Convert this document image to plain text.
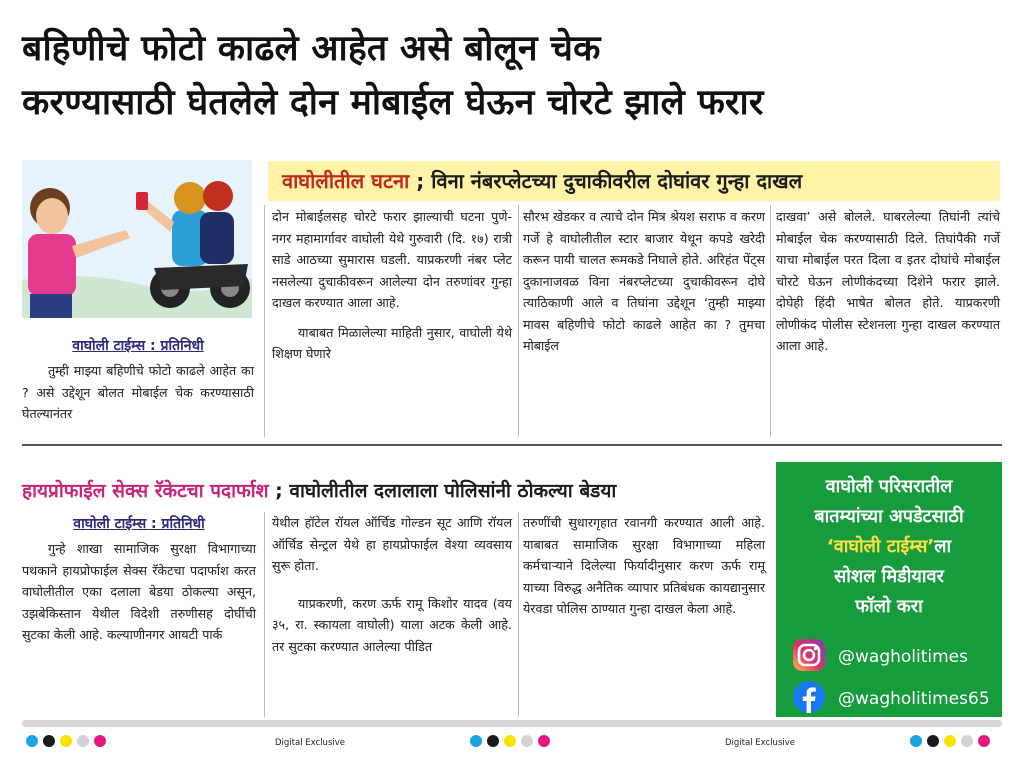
बहिणीचे फोटो काढले आहेत असे बोलून चेक
करण्यासाठी घेतलेले दोन मोबाईल घेऊन चोरटे झाले फरार
वाघोलीतील घटना ; विना नंबरप्लेटच्या दुचाकीवरील दोघांवर गुन्हा दाखल
वाघोली टाईम्स : प्रतिनिधी

तुम्ही माझ्या बहिणीचे फोटो काढले आहेत का ? असे उद्देशून बोलत मोबाईल चेक करण्यासाठी घेतल्यानंतर

दोन मोबाईलसह चोरटे फरार झाल्याची घटना पुणे-नगर महामार्गावर वाघोली येथे गुरुवारी (दि. १७) रात्री साडे आठच्या सुमारास घडली. याप्रकरणी नंबर प्लेट नसलेल्या दुचाकीवरून आलेल्या दोन तरुणांवर गुन्हा दाखल करण्यात आला आहे.

याबाबत मिळालेल्या माहिती नुसार, वाघोली येथे शिक्षण घेणारे

सौरभ खेडकर व त्याचे दोन मित्र श्रेयश सराफ व करण गर्जे हे वाघोलीतील स्टार बाजार येथून कपडे खरेदी करून पायी चालत रूमकडे निघाले होते. अरिहंत पेंट्स दुकानाजवळ विना नंबरप्लेटच्या दुचाकीवरून दोघे त्याठिकाणी आले व तिघांना उद्देशून ‘तुम्ही माझ्या मावस बहिणीचे फोटो काढले आहेत का ? तुमचा मोबाईल

दाखवा’ असे बोलले. घाबरलेल्या तिघांनी त्यांचे मोबाईल चेक करण्यासाठी दिले. तिघांपैकी गर्जे याचा मोबाईल परत दिला व इतर दोघांचे मोबाईल चोरटे घेऊन लोणीकंदच्या दिशेने फरार झाले. दोघेही हिंदी भाषेत बोलत होते. याप्रकरणी लोणीकंद पोलीस स्टेशनला गुन्हा दाखल करण्यात आला आहे.

हायप्रोफाईल सेक्स रॅकेटचा पदार्फाश ; वाघोलीतील दलालाला पोलिसांनी ठोकल्या बेडया
वाघोली टाईम्स : प्रतिनिधी

गुन्हे शाखा सामाजिक सुरक्षा विभागाच्या पथकाने हायप्रोफाईल सेक्स रॅकेटचा पदार्फाश करत वाघोलीतील एका दलाला बेडया ठोकल्या असून, उझबेकिस्तान येथील विदेशी तरुणीसह दोघींची सुटका केली आहे. कल्याणीनगर आयटी पार्क

येथील हॉटेल रॉयल ऑर्चिड गोल्डन सूट आणि रॉयल ऑर्चिड सेन्ट्रल येथे हा हायप्रोफाईल वेश्या व्यवसाय सुरू होता.

याप्रकरणी, करण ऊर्फ रामू किशोर यादव (वय ३५, रा. स्कायला वाघोली) याला अटक केली आहे. तर सुटका करण्यात आलेल्या पीडित

तरुणींची सुधारगृहात रवानगी करण्यात आली आहे. याबाबत सामाजिक सुरक्षा विभागाच्या महिला कर्मचाऱ्याने दिलेल्या फिर्यादीनुसार करण ऊर्फ रामू याच्या विरुद्ध अनैतिक व्यापार प्रतिबंधक कायद्यानुसार येरवडा पोलिस ठाण्यात गुन्हा दाखल केला आहे.

वाघोली परिसरातील
बातम्यांच्या अपडेटसाठी
‘वाघोली टाईम्स’ला
सोशल मिडीयावर
फॉलो करा
@wagholitimes
@wagholitimes65
Digital Exclusive	Digital Exclusive
